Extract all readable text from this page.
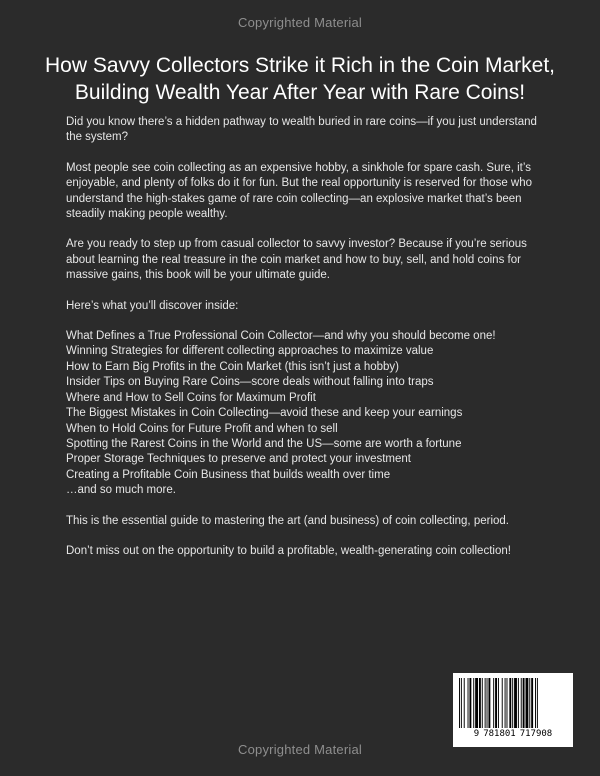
Copyrighted Material
How Savvy Collectors Strike it Rich in the Coin Market,
Building Wealth Year After Year with Rare Coins!

Did you know there’s a hidden pathway to wealth buried in rare coins—if you just understand the system?

Most people see coin collecting as an expensive hobby, a sinkhole for spare cash. Sure, it’s enjoyable, and plenty of folks do it for fun. But the real opportunity is reserved for those who understand the high-stakes game of rare coin collecting—an explosive market that’s been steadily making people wealthy.

Are you ready to step up from casual collector to savvy investor? Because if you’re serious about learning the real treasure in the coin market and how to buy, sell, and hold coins for massive gains, this book will be your ultimate guide.

Here’s what you’ll discover inside:

What Defines a True Professional Coin Collector—and why you should become one!
Winning Strategies for different collecting approaches to maximize value
How to Earn Big Profits in the Coin Market (this isn’t just a hobby)
Insider Tips on Buying Rare Coins—score deals without falling into traps
Where and How to Sell Coins for Maximum Profit
The Biggest Mistakes in Coin Collecting—avoid these and keep your earnings
When to Hold Coins for Future Profit and when to sell
Spotting the Rarest Coins in the World and the US—some are worth a fortune
Proper Storage Techniques to preserve and protect your investment
Creating a Profitable Coin Business that builds wealth over time
…and so much more.

This is the essential guide to mastering the art (and business) of coin collecting, period.

Don’t miss out on the opportunity to build a profitable, wealth-generating coin collection!

9 781801 717908
Copyrighted Material
